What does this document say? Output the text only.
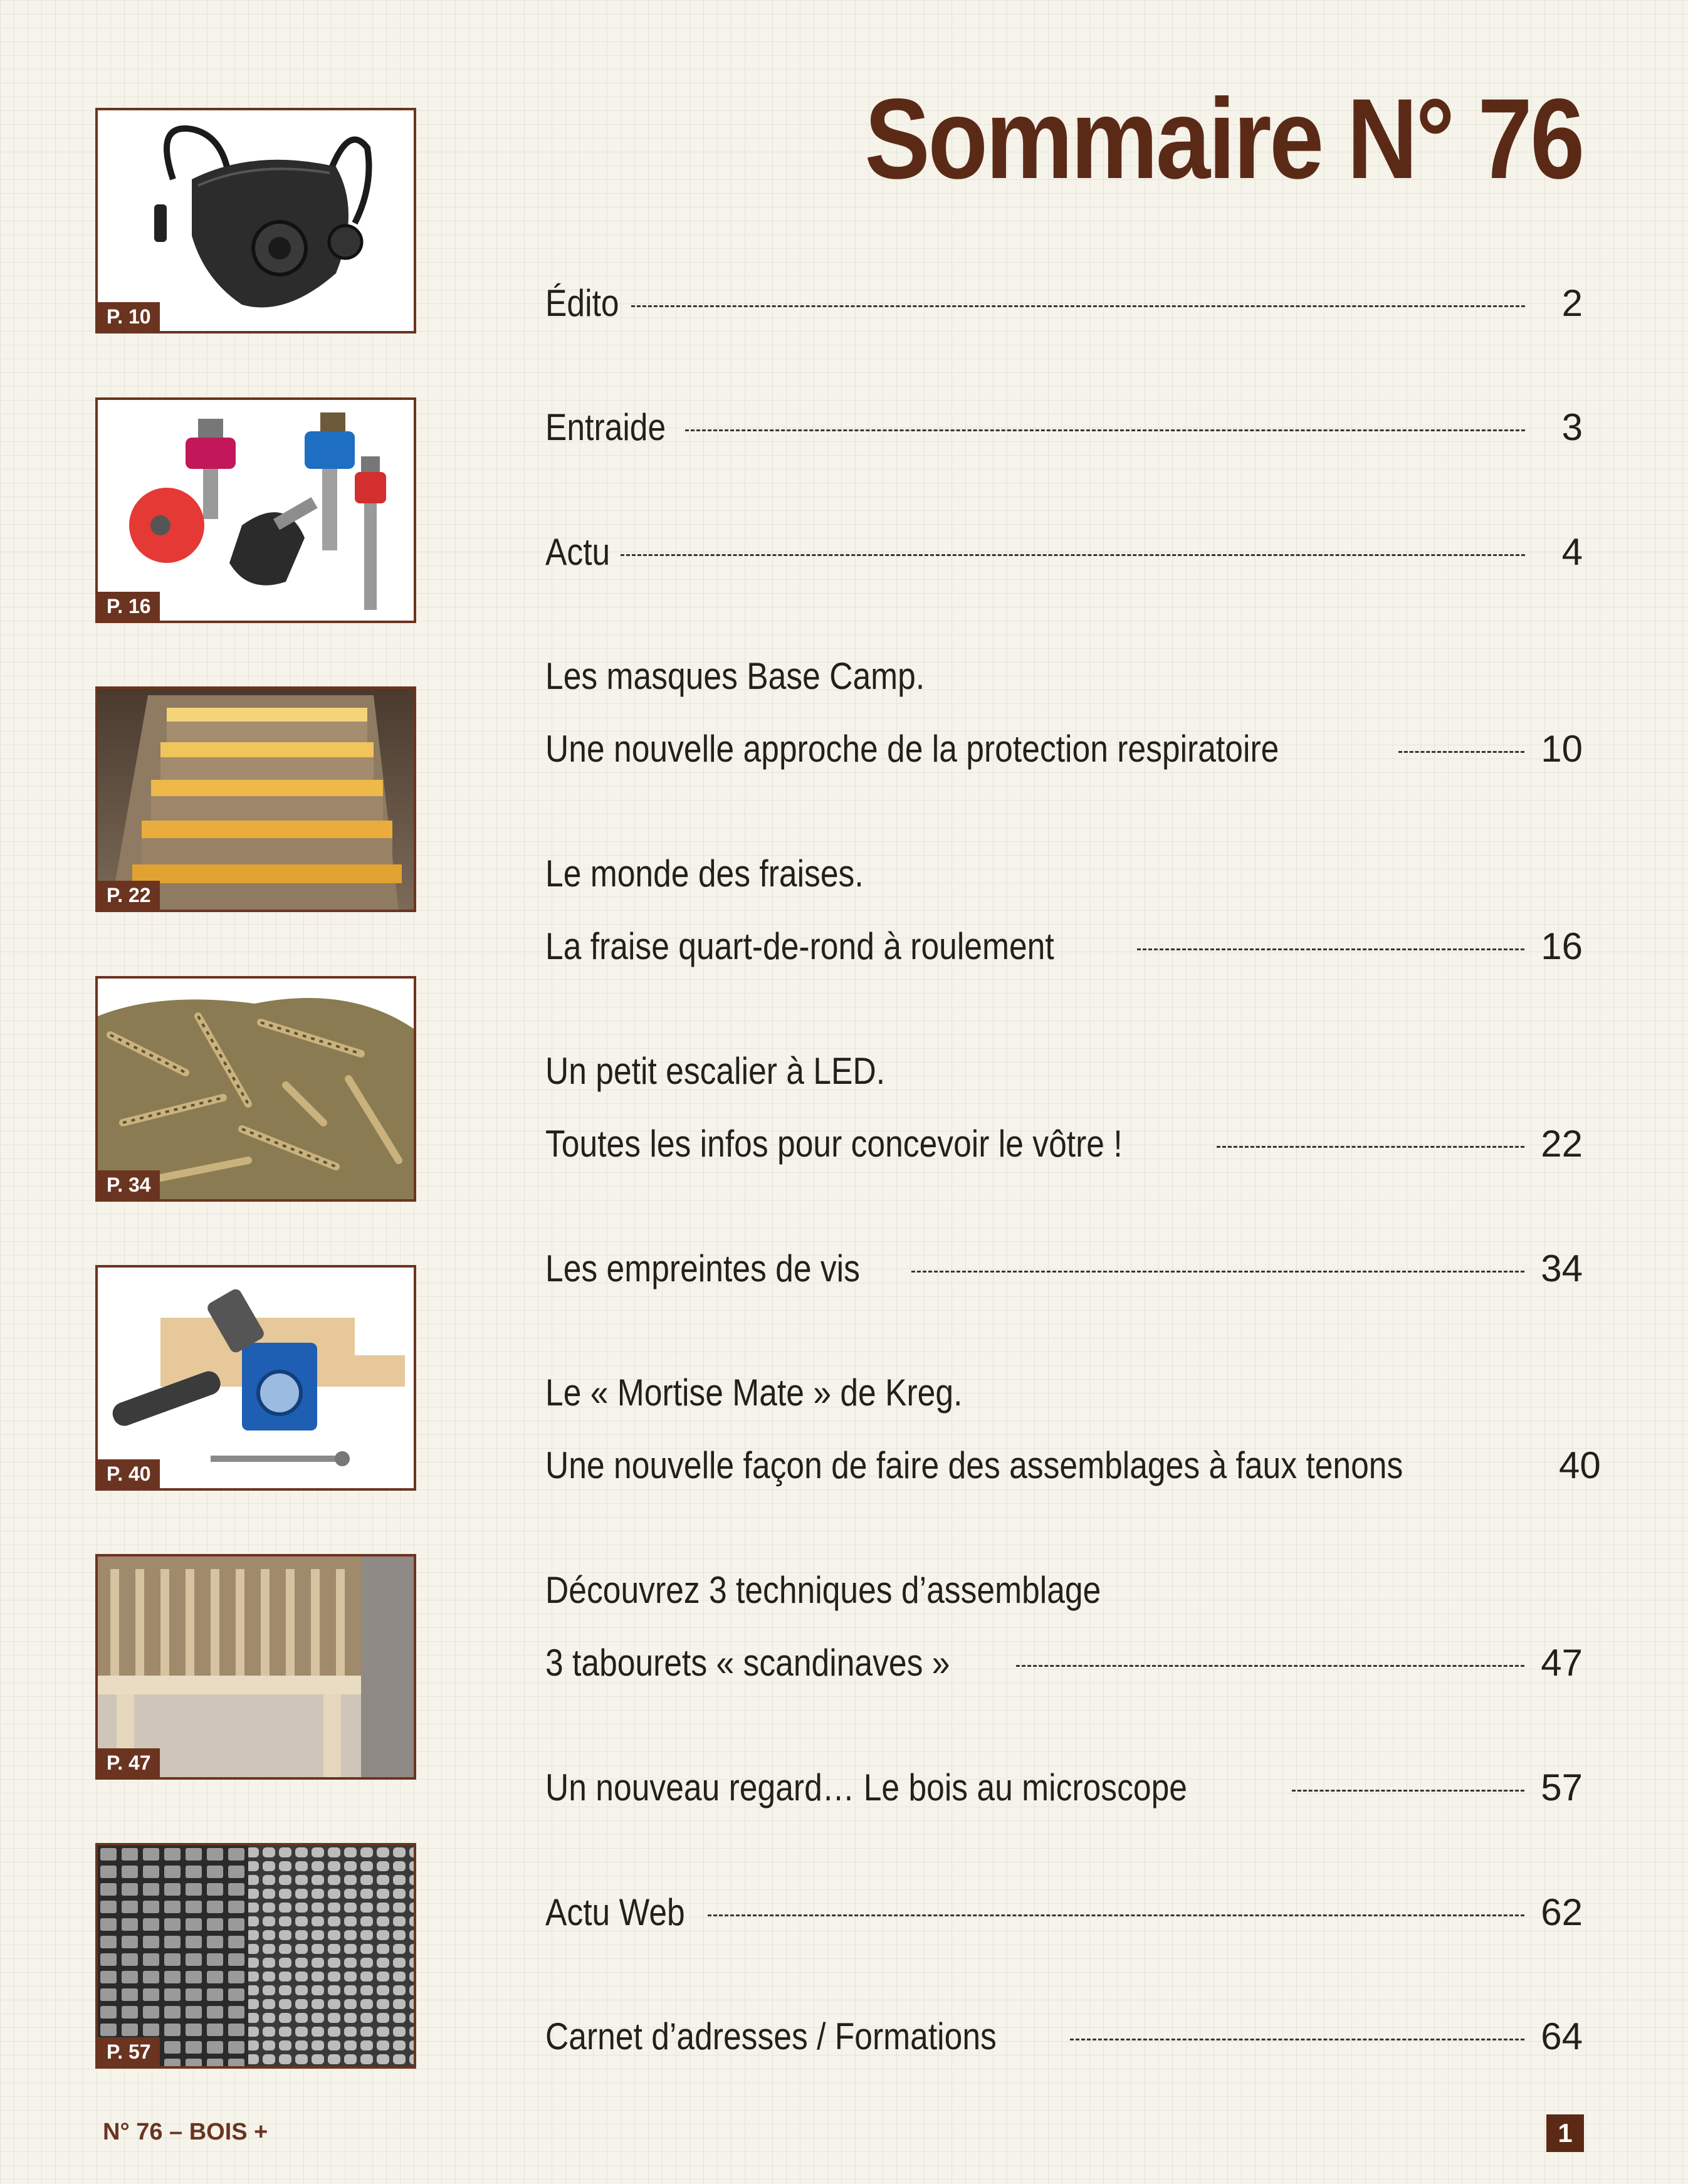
Sommaire N° 76
P. 10
P. 16
P. 22
P. 34
P. 40
P. 47
P. 57
Édito	2
Entraide	3
Actu	4
Les masques Base Camp.
Une nouvelle approche de la protection respiratoire	10
Le monde des fraises.
La fraise quart-de-rond à roulement	16
Un petit escalier à LED.
Toutes les infos pour concevoir le vôtre !	22
Les empreintes de vis	34
Le « Mortise Mate » de Kreg.
Une nouvelle façon de faire des assemblages à faux tenons	40
Découvrez 3 techniques d’assemblage
3 tabourets « scandinaves »	47
Un nouveau regard… Le bois au microscope	57
Actu Web	62
Carnet d’adresses / Formations	64
N° 76 – BOIS +	1
